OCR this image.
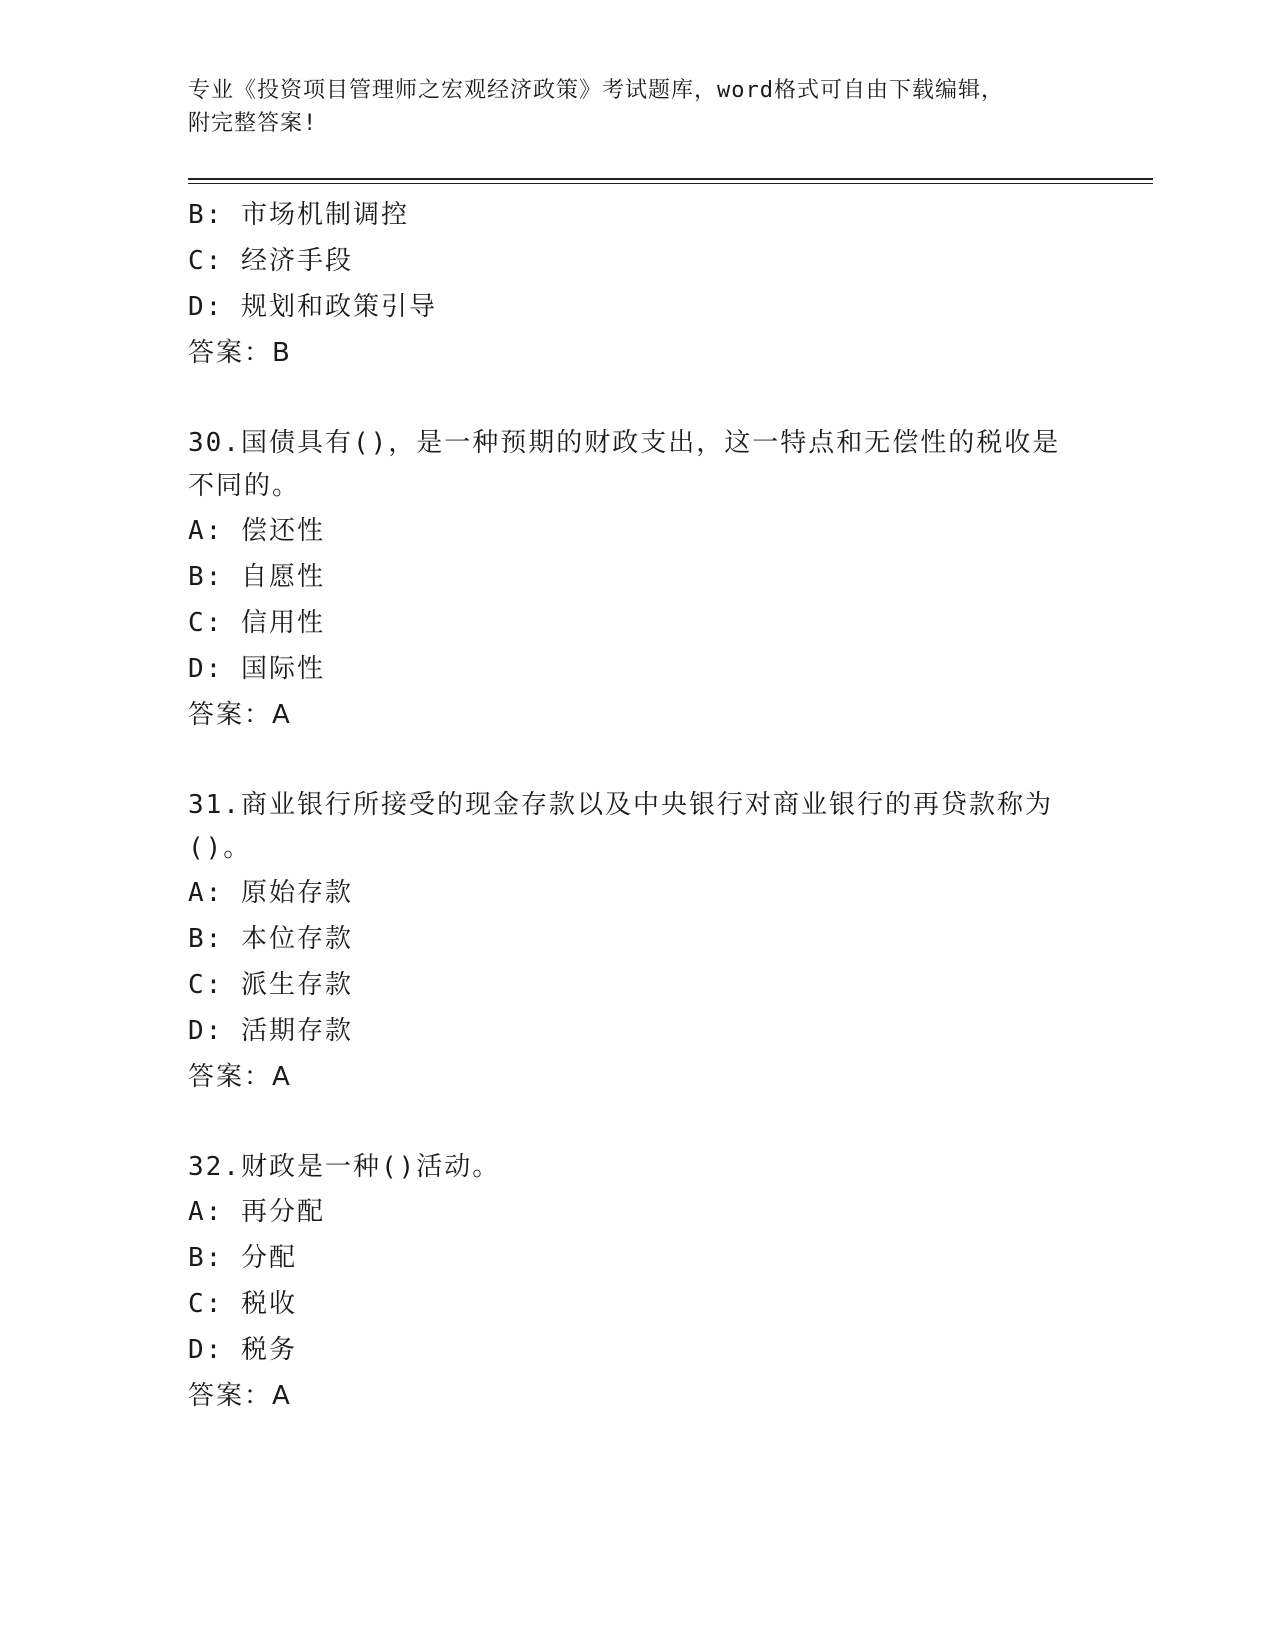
专业《投资项目管理师之宏观经济政策》考试题库，word格式可自由下载编辑，
附完整答案!
B: 市场机制调控
C: 经济手段
D: 规划和政策引导
答案：B
30.国债具有()，是一种预期的财政支出，这一特点和无偿性的税收是不同的。
A: 偿还性
B: 自愿性
C: 信用性
D: 国际性
答案：A
31.商业银行所接受的现金存款以及中央银行对商业银行的再贷款称为()。
A: 原始存款
B: 本位存款
C: 派生存款
D: 活期存款
答案：A
32.财政是一种()活动。
A: 再分配
B: 分配
C: 税收
D: 税务
答案：A
